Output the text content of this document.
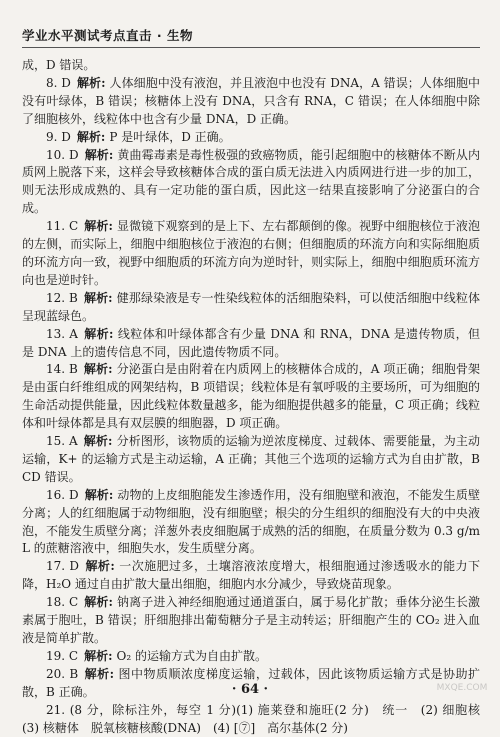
学业水平测试考点直击 · 生物

成，D 错误。

8. D 解析: 人体细胞中没有液泡，并且液泡中也没有 DNA，A 错误；人体细胞中没有叶绿体，B 错误；核糖体上没有 DNA，只含有 RNA，C 错误；在人体细胞中除了细胞核外，线粒体中也含有少量 DNA，D 正确。

9. D 解析: P 是叶绿体，D 正确。

10. D 解析: 黄曲霉毒素是毒性极强的致癌物质，能引起细胞中的核糖体不断从内质网上脱落下来，这样会导致核糖体合成的蛋白质无法进入内质网进行进一步的加工，则无法形成成熟的、具有一定功能的蛋白质，因此这一结果直接影响了分泌蛋白的合成。

11. C 解析: 显微镜下观察到的是上下、左右都颠倒的像。视野中细胞核位于液泡的左侧，而实际上，细胞中细胞核位于液泡的右侧；但细胞质的环流方向和实际细胞质的环流方向一致，视野中细胞质的环流方向为逆时针，则实际上，细胞中细胞质环流方向也是逆时针。

12. B 解析: 健那绿染液是专一性染线粒体的活细胞染料，可以使活细胞中线粒体呈现蓝绿色。

13. A 解析: 线粒体和叶绿体都含有少量 DNA 和 RNA，DNA 是遗传物质，但是 DNA 上的遗传信息不同，因此遗传物质不同。

14. B 解析: 分泌蛋白是由附着在内质网上的核糖体合成的，A 项正确；细胞骨架是由蛋白纤维组成的网架结构，B 项错误；线粒体是有氧呼吸的主要场所，可为细胞的生命活动提供能量，因此线粒体数量越多，能为细胞提供越多的能量，C 项正确；线粒体和叶绿体都是具有双层膜的细胞器，D 项正确。

15. A 解析: 分析图形，该物质的运输为逆浓度梯度、过载体、需要能量，为主动运输，K+ 的运输方式是主动运输，A 正确；其他三个选项的运输方式为自由扩散，BCD 错误。

16. D 解析: 动物的上皮细胞能发生渗透作用，没有细胞壁和液泡，不能发生质壁分离；人的红细胞属于动物细胞，没有细胞壁；根尖的分生组织的细胞没有大的中央液泡，不能发生质壁分离；洋葱外表皮细胞属于成熟的活的细胞，在质量分数为 0.3 g/mL 的蔗糖溶液中，细胞失水，发生质壁分离。

17. D 解析: 一次施肥过多，土壤溶液浓度增大，根细胞通过渗透吸水的能力下降，H₂O 通过自由扩散大量出细胞，细胞内水分减少，导致烧苗现象。

18. C 解析: 钠离子进入神经细胞通过通道蛋白，属于易化扩散；垂体分泌生长激素属于胞吐，B 错误；肝细胞排出葡萄糖分子是主动转运；肝细胞产生的 CO₂ 进入血液是简单扩散。

19. C 解析: O₂ 的运输方式为自由扩散。

20. B 解析: 图中物质顺浓度梯度运输，过载体，因此该物质运输方式是协助扩散，B 正确。

21. (8 分，除标注外，每空 1 分)(1) 施莱登和施旺(2 分)　统一　(2) 细胞核　(3) 核糖体　脱氧核糖核酸(DNA)　(4) [⑦]　高尔基体(2 分)

· 64 ·	MXQE.COM
